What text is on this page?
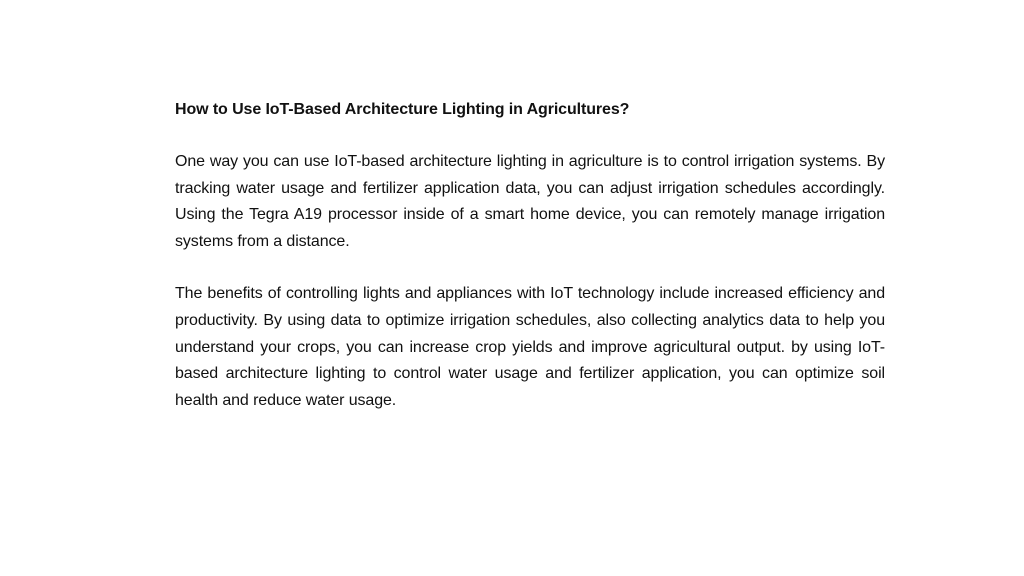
How to Use IoT-Based Architecture Lighting in Agricultures?

One way you can use IoT-based architecture lighting in agriculture is to control irrigation systems. By tracking water usage and fertilizer application data, you can adjust irrigation schedules accordingly. Using the Tegra A19 processor inside of a smart home device, you can remotely manage irrigation systems from a distance.

The benefits of controlling lights and appliances with IoT technology include increased efficiency and productivity. By using data to optimize irrigation schedules, also collecting analytics data to help you understand your crops, you can increase crop yields and improve agricultural output. by using IoT-based architecture lighting to control water usage and fertilizer application, you can optimize soil health and reduce water usage.
